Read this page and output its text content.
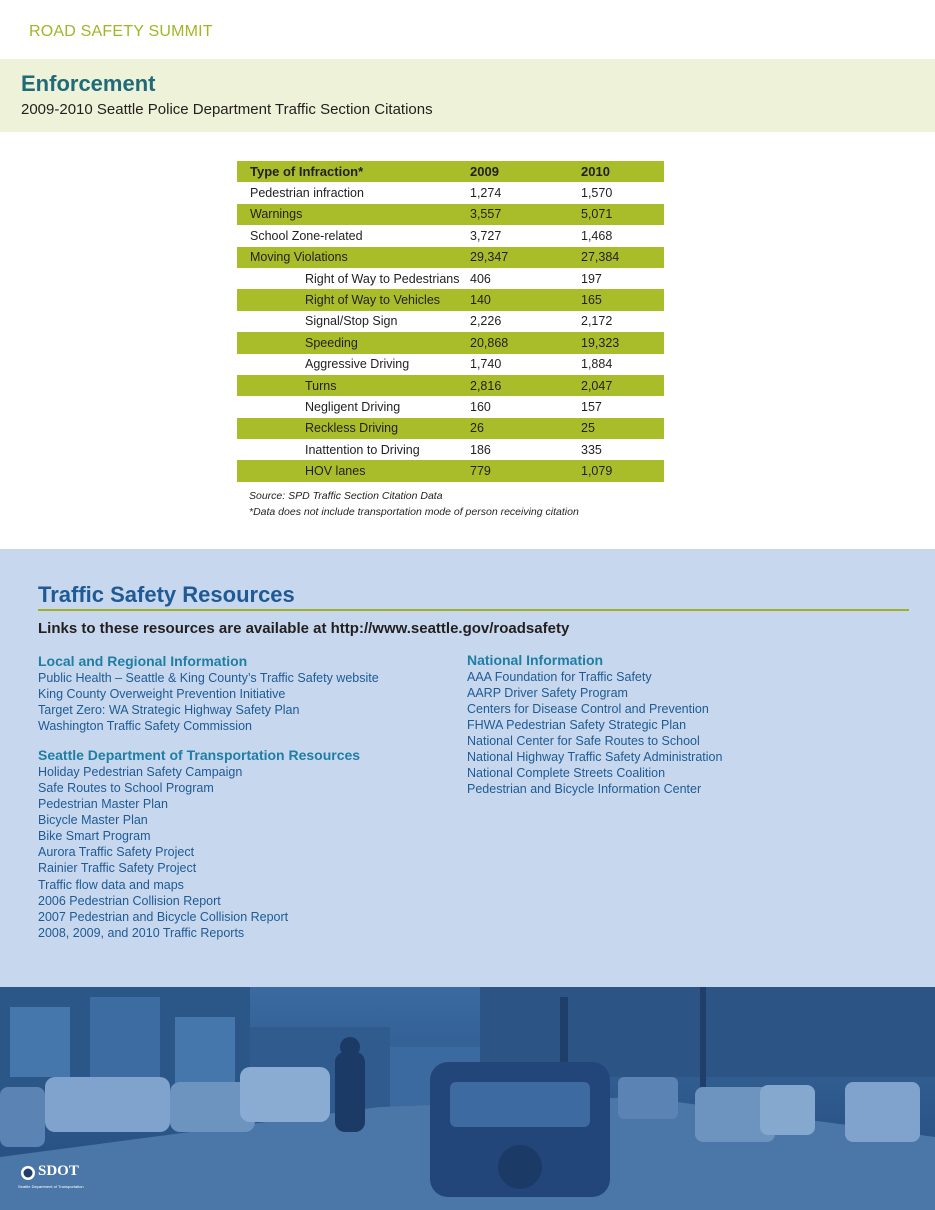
ROAD SAFETY SUMMIT
Enforcement
2009-2010 Seattle Police Department Traffic Section Citations
Type of Infraction*	2009	2010
Pedestrian infraction	1,274	1,570
Warnings	3,557	5,071
School Zone-related	3,727	1,468
Moving Violations	29,347	27,384
Right of Way to Pedestrians	406	197
Right of Way to Vehicles	140	165
Signal/Stop Sign	2,226	2,172
Speeding	20,868	19,323
Aggressive Driving	1,740	1,884
Turns	2,816	2,047
Negligent Driving	160	157
Reckless Driving	26	25
Inattention to Driving	186	335
HOV lanes	779	1,079
Source: SPD Traffic Section Citation Data
*Data does not include transportation mode of person receiving citation
Traffic Safety Resources
Links to these resources are available at http://www.seattle.gov/roadsafety
Local and Regional Information
Public Health – Seattle & King County’s Traffic Safety website
King County Overweight Prevention Initiative
Target Zero: WA Strategic Highway Safety Plan
Washington Traffic Safety Commission
Seattle Department of Transportation Resources
Holiday Pedestrian Safety Campaign
Safe Routes to School Program
Pedestrian Master Plan
Bicycle Master Plan
Bike Smart Program
Aurora Traffic Safety Project
Rainier Traffic Safety Project
Traffic flow data and maps
2006 Pedestrian Collision Report
2007 Pedestrian and Bicycle Collision Report
2008, 2009, and 2010 Traffic Reports
National Information
AAA Foundation for Traffic Safety
AARP Driver Safety Program
Centers for Disease Control and Prevention
FHWA Pedestrian Safety Strategic Plan
National Center for Safe Routes to School
National Highway Traffic Safety Administration
National Complete Streets Coalition
Pedestrian and Bicycle Information Center
SDOT
Seattle Department of Transportation
